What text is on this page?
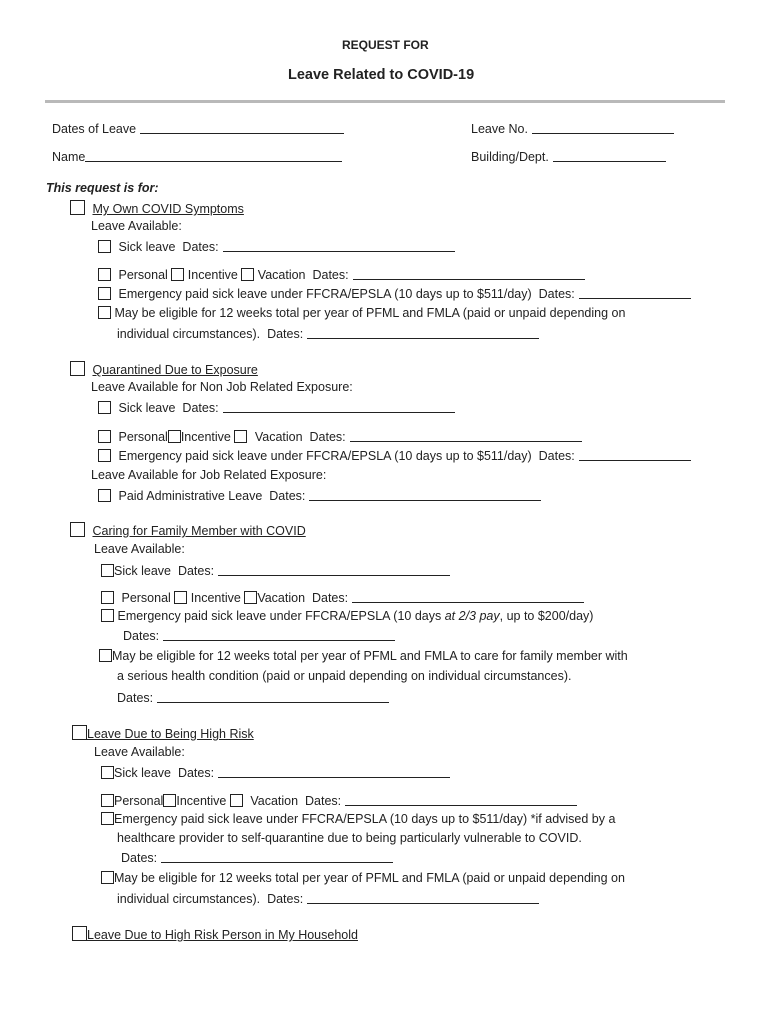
REQUEST FOR
Leave Related to COVID-19
Dates of Leave	Leave No.
Name	Building/Dept.
This request is for:
My Own COVID Symptoms
Leave Available:
Sick leave Dates:
Personal Incentive Vacation Dates:
Emergency paid sick leave under FFCRA/EPSLA (10 days up to $511/day) Dates:
May be eligible for 12 weeks total per year of PFML and FMLA (paid or unpaid depending on
individual circumstances). Dates:
Quarantined Due to Exposure
Leave Available for Non Job Related Exposure:
Sick leave Dates:
Personal Incentive Vacation Dates:
Emergency paid sick leave under FFCRA/EPSLA (10 days up to $511/day) Dates:
Leave Available for Job Related Exposure:
Paid Administrative Leave Dates:
Caring for Family Member with COVID
Leave Available:
Sick leave Dates:
Personal Incentive Vacation Dates:
Emergency paid sick leave under FFCRA/EPSLA (10 days at 2/3 pay, up to $200/day)
Dates:
May be eligible for 12 weeks total per year of PFML and FMLA to care for family member with
a serious health condition (paid or unpaid depending on individual circumstances).
Dates:
Leave Due to Being High Risk
Leave Available:
Sick leave Dates:
Personal Incentive Vacation Dates:
Emergency paid sick leave under FFCRA/EPSLA (10 days up to $511/day) *if advised by a
healthcare provider to self-quarantine due to being particularly vulnerable to COVID.
Dates:
May be eligible for 12 weeks total per year of PFML and FMLA (paid or unpaid depending on
individual circumstances). Dates:
Leave Due to High Risk Person in My Household
